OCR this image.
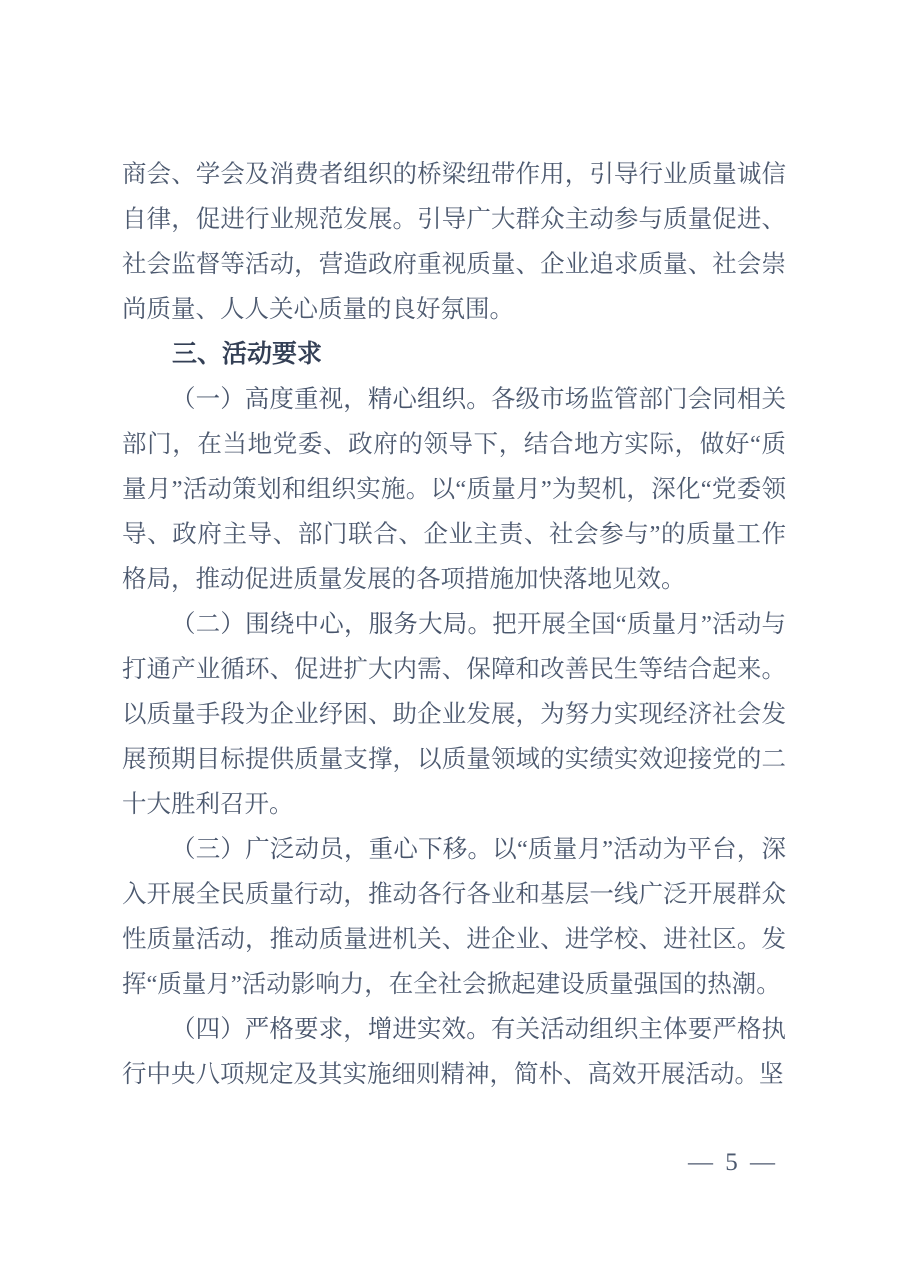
商会、学会及消费者组织的桥梁纽带作用，引导行业质量诚信自律，促进行业规范发展。引导广大群众主动参与质量促进、社会监督等活动，营造政府重视质量、企业追求质量、社会崇尚质量、人人关心质量的良好氛围。

三、活动要求

（一）高度重视，精心组织。各级市场监管部门会同相关部门，在当地党委、政府的领导下，结合地方实际，做好“质量月”活动策划和组织实施。以“质量月”为契机，深化“党委领导、政府主导、部门联合、企业主责、社会参与”的质量工作格局，推动促进质量发展的各项措施加快落地见效。

（二）围绕中心，服务大局。把开展全国“质量月”活动与打通产业循环、促进扩大内需、保障和改善民生等结合起来。以质量手段为企业纾困、助企业发展，为努力实现经济社会发展预期目标提供质量支撑，以质量领域的实绩实效迎接党的二十大胜利召开。

（三）广泛动员，重心下移。以“质量月”活动为平台，深入开展全民质量行动，推动各行各业和基层一线广泛开展群众性质量活动，推动质量进机关、进企业、进学校、进社区。发挥“质量月”活动影响力，在全社会掀起建设质量强国的热潮。

（四）严格要求，增进实效。有关活动组织主体要严格执行中央八项规定及其实施细则精神，简朴、高效开展活动。坚

— 5 —
